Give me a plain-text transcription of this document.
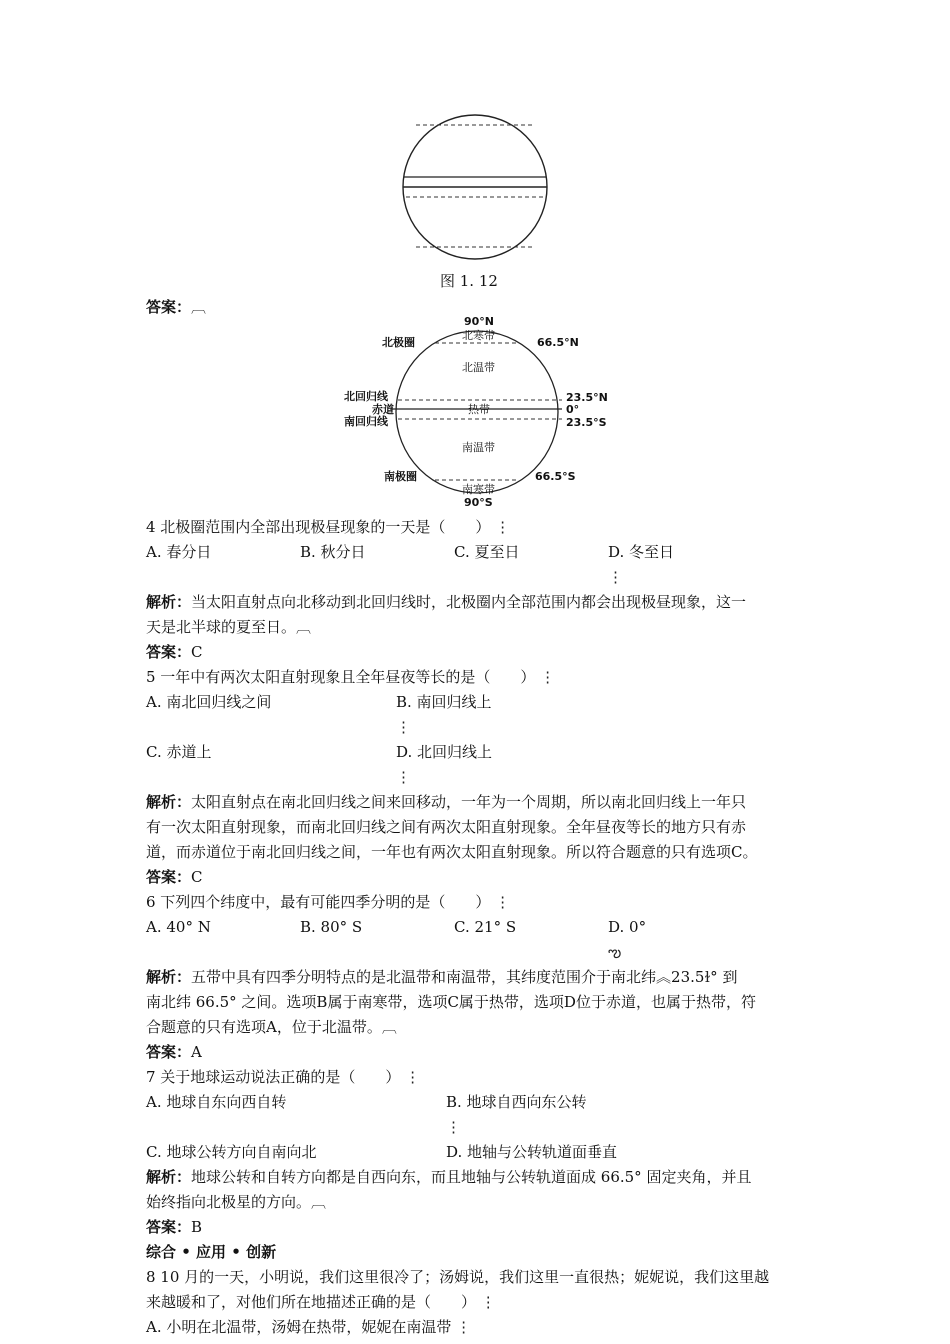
图 1. 12
答案：︹
90°N
北寒带
北极圈	66.5°N
北温带
北回归线	23.5°N
赤道	热带	0°
南回归线	23.5°S
南温带
南极圈	66.5°S
南寒带
90°S

4 北极圈范围内全部出现极昼现象的一天是（　　） ⋮

A. 春分日	B. 秋分日	C. 夏至日	D. 冬至日⋮

解析：当太阳直射点向北移动到北回归线时，北极圈内全部范围内都会出现极昼现象，这一

天是北半球的夏至日。︹

答案：C

5 一年中有两次太阳直射现象且全年昼夜等长的是（　　） ⋮

A. 南北回归线之间	B. 南回归线上⋮

C. 赤道上	D. 北回归线上⋮

解析：太阳直射点在南北回归线之间来回移动，一年为一个周期，所以南北回归线上一年只

有一次太阳直射现象，而南北回归线之间有两次太阳直射现象。全年昼夜等长的地方只有赤

道，而赤道位于南北回归线之间，一年也有两次太阳直射现象。所以符合题意的只有选项C。

答案：C

6 下列四个纬度中，最有可能四季分明的是（　　） ⋮

A. 40° N	B. 80° S	C. 21° S	D. 0°ఌ

解析：五带中具有四季分明特点的是北温带和南温带，其纬度范围介于南北纬︽23.5ɫ° 到

南北纬 66.5° 之间。选项B属于南寒带，选项C属于热带，选项D位于赤道，也属于热带，符

合题意的只有选项A，位于北温带。︹

答案：A

7 关于地球运动说法正确的是（　　） ⋮

A. 地球自东向西自转	B. 地球自西向东公转⋮

C. 地球公转方向自南向北	D. 地轴与公转轨道面垂直

解析：地球公转和自转方向都是自西向东，而且地轴与公转轨道面成 66.5° 固定夹角，并且

始终指向北极星的方向。︹

答案：B

综合 • 应用 • 创新

8 10 月的一天，小明说，我们这里很冷了；汤姆说，我们这里一直很热；妮妮说，我们这里越

来越暖和了，对他们所在地描述正确的是（　　） ⋮

A. 小明在北温带，汤姆在热带，妮妮在南温带 ⋮
